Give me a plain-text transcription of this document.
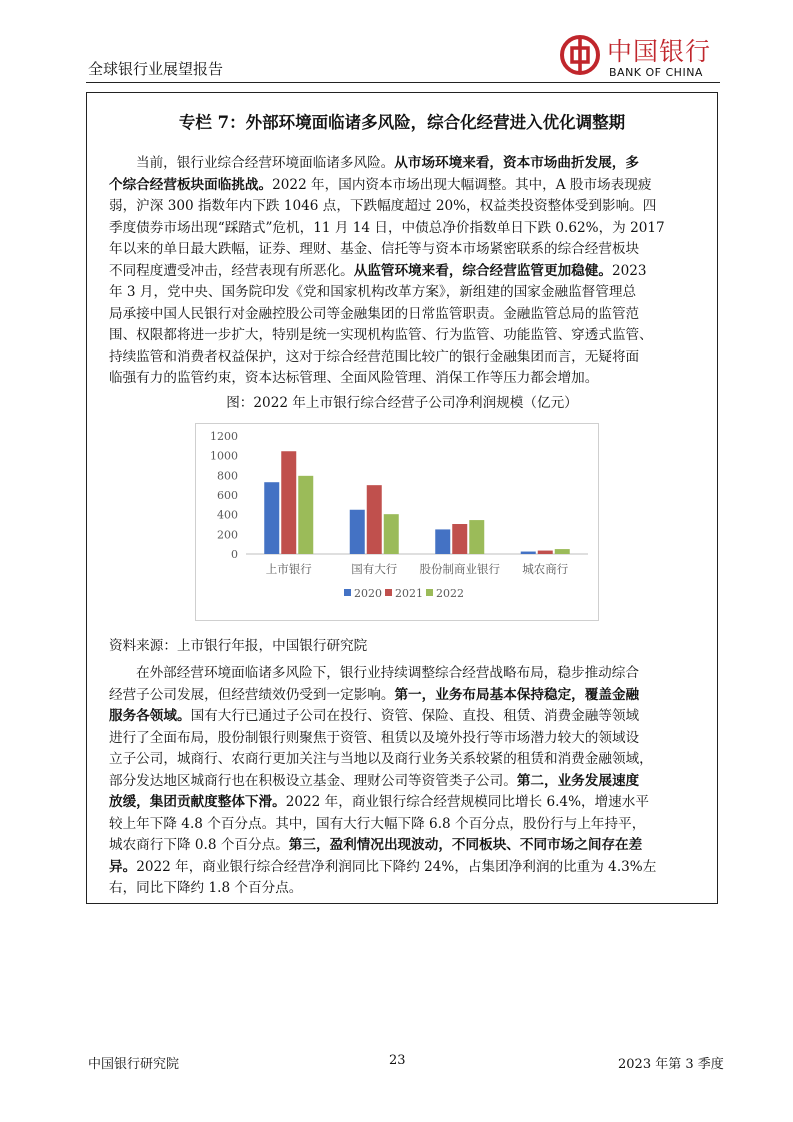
全球银行业展望报告
中国银行
BANK OF CHINA
专栏 7：外部环境面临诸多风险，综合化经营进入优化调整期
当前，银行业综合经营环境面临诸多风险。从市场环境来看，资本市场曲折发展，多
个综合经营板块面临挑战。2022 年，国内资本市场出现大幅调整。其中，A 股市场表现疲
弱，沪深 300 指数年内下跌 1046 点，下跌幅度超过 20%，权益类投资整体受到影响。四
季度债券市场出现“踩踏式”危机，11 月 14 日，中债总净价指数单日下跌 0.62%，为 2017
年以来的单日最大跌幅，证券、理财、基金、信托等与资本市场紧密联系的综合经营板块
不同程度遭受冲击，经营表现有所恶化。从监管环境来看，综合经营监管更加稳健。2023
年 3 月，党中央、国务院印发《党和国家机构改革方案》，新组建的国家金融监督管理总
局承接中国人民银行对金融控股公司等金融集团的日常监管职责。金融监管总局的监管范
围、权限都将进一步扩大，特别是统一实现机构监管、行为监管、功能监管、穿透式监管、
持续监管和消费者权益保护，这对于综合经营范围比较广的银行金融集团而言，无疑将面
临强有力的监管约束，资本达标管理、全面风险管理、消保工作等压力都会增加。
图：2022 年上市银行综合经营子公司净利润规模（亿元）
0
200
400
600
800
1000
1200
上市银行	国有大行 股份制商业银行 城农商行
2020 2021 2022
资料来源：上市银行年报，中国银行研究院
在外部经营环境面临诸多风险下，银行业持续调整综合经营战略布局，稳步推动综合
经营子公司发展，但经营绩效仍受到一定影响。第一，业务布局基本保持稳定，覆盖金融
服务各领域。国有大行已通过子公司在投行、资管、保险、直投、租赁、消费金融等领域
进行了全面布局，股份制银行则聚焦于资管、租赁以及境外投行等市场潜力较大的领域设
立子公司，城商行、农商行更加关注与当地以及商行业务关系较紧的租赁和消费金融领域，
部分发达地区城商行也在积极设立基金、理财公司等资管类子公司。第二，业务发展速度
放缓，集团贡献度整体下滑。2022 年，商业银行综合经营规模同比增长 6.4%，增速水平
较上年下降 4.8 个百分点。其中，国有大行大幅下降 6.8 个百分点，股份行与上年持平，
城农商行下降 0.8 个百分点。第三，盈利情况出现波动，不同板块、不同市场之间存在差
异。2022 年，商业银行综合经营净利润同比下降约 24%，占集团净利润的比重为 4.3%左
右，同比下降约 1.8 个百分点。
中国银行研究院	23	2023 年第 3 季度
